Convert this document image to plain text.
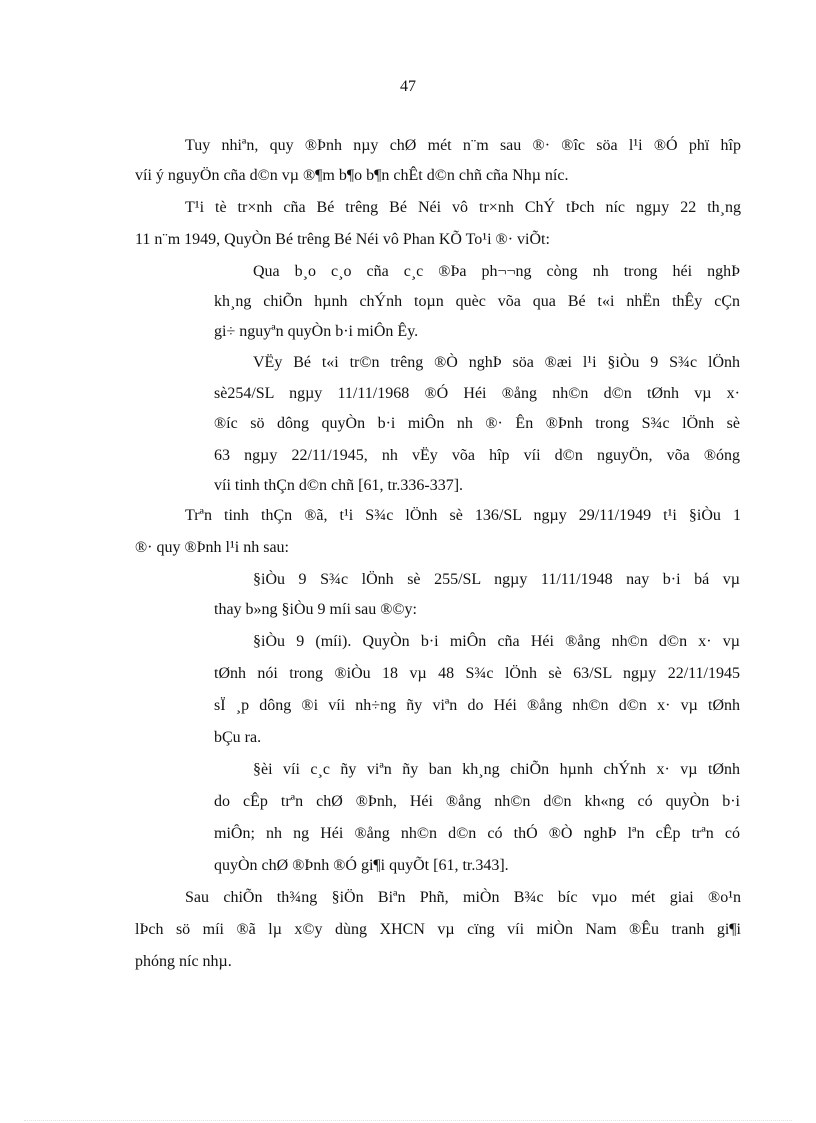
47
Tuy nhiªn, quy ®Þnh nµy chØ mét n¨m sau ®· ®îc söa l¹i ®Ó phï hîp
víi ý nguyÖn cña d©n vµ ®¶m b¶o b¶n chÊt d©n chñ cña Nhµ níc.
T¹i tè tr×nh cña Bé trêng Bé Néi vô tr×nh ChÝ tÞch níc ngµy 22 th¸ng
11 n¨m 1949, QuyÒn Bé trêng Bé Néi vô Phan KÕ To¹i ®· viÕt:
Qua b¸o c¸o cña c¸c ®Þa ph¬¬ng còng nh trong héi nghÞ
kh¸ng chiÕn hµnh chÝnh toµn quèc võa qua Bé t«i nhËn thÊy cÇn
gi÷ nguyªn quyÒn b·i miÔn Êy.
VËy Bé t«i tr©n trêng ®Ò nghÞ söa ®æi l¹i §iÒu 9 S¾c lÖnh
sè254/SL ngµy 11/11/1968 ®Ó Héi ®ång nh©n d©n tØnh vµ x·
®íc sö dông quyÒn b·i miÔn nh ®· Ên ®Þnh trong S¾c lÖnh sè
63 ngµy 22/11/1945, nh vËy võa hîp víi d©n nguyÖn, võa ®óng
víi tinh thÇn d©n chñ [61, tr.336-337].
Trªn tinh thÇn ®ã, t¹i S¾c lÖnh sè 136/SL ngµy 29/11/1949 t¹i §iÒu 1
®· quy ®Þnh l¹i nh sau:
§iÒu 9 S¾c lÖnh sè 255/SL ngµy 11/11/1948 nay b·i bá vµ
thay b»ng §iÒu 9 míi sau ®©y:
§iÒu 9 (míi). QuyÒn b·i miÔn cña Héi ®ång nh©n d©n x· vµ
tØnh nói trong ®iÒu 18 vµ 48 S¾c lÖnh sè 63/SL ngµy 22/11/1945
sÏ ¸p dông ®i víi nh÷ng ñy viªn do Héi ®ång nh©n d©n x· vµ tØnh
bÇu ra.
§èi víi c¸c ñy viªn ñy ban kh¸ng chiÕn hµnh chÝnh x· vµ tØnh
do cÊp trªn chØ ®Þnh, Héi ®ång nh©n d©n kh«ng có quyÒn b·i
miÔn; nh ng Héi ®ång nh©n d©n có thÓ ®Ò nghÞ lªn cÊp trªn có
quyÒn chØ ®Þnh ®Ó gi¶i quyÕt [61, tr.343].
Sau chiÕn th¾ng §iÖn Biªn Phñ, miÒn B¾c bíc vµo mét giai ®o¹n
lÞch sö míi ®ã lµ x©y dùng XHCN vµ cïng víi miÒn Nam ®Êu tranh gi¶i
phóng níc nhµ.
